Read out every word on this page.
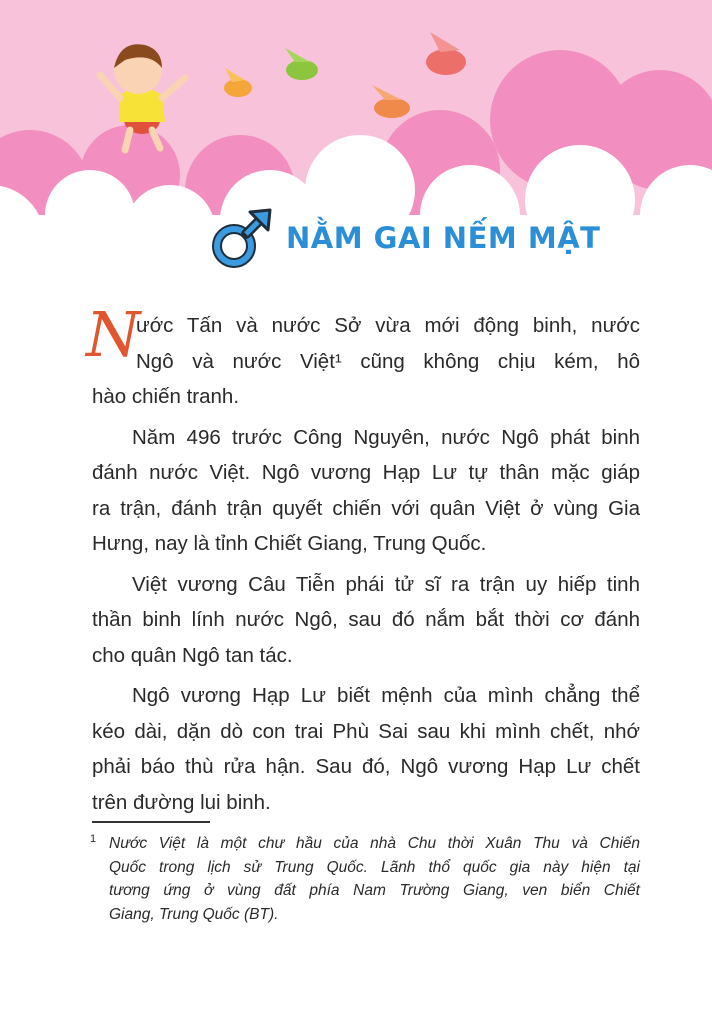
NẰM GAI NẾM MẬT
N
ước Tấn và nước Sở vừa mới động binh, nước
Ngô và nước Việt¹ cũng không chịu kém, hô
hào chiến tranh.
Năm 496 trước Công Nguyên, nước Ngô phát binh
đánh nước Việt. Ngô vương Hạp Lư tự thân mặc giáp
ra trận, đánh trận quyết chiến với quân Việt ở vùng Gia
Hưng, nay là tỉnh Chiết Giang, Trung Quốc.
Việt vương Câu Tiễn phái tử sĩ ra trận uy hiếp tinh
thần binh lính nước Ngô, sau đó nắm bắt thời cơ đánh
cho quân Ngô tan tác.
Ngô vương Hạp Lư biết mệnh của mình chẳng thể
kéo dài, dặn dò con trai Phù Sai sau khi mình chết, nhớ
phải báo thù rửa hận. Sau đó, Ngô vương Hạp Lư chết
trên đường lui binh.
1 Nước Việt là một chư hầu của nhà Chu thời Xuân Thu và Chiến
Quốc trong lịch sử Trung Quốc. Lãnh thổ quốc gia này hiện tại
tương ứng ở vùng đất phía Nam Trường Giang, ven biển Chiết
Giang, Trung Quốc (BT).
